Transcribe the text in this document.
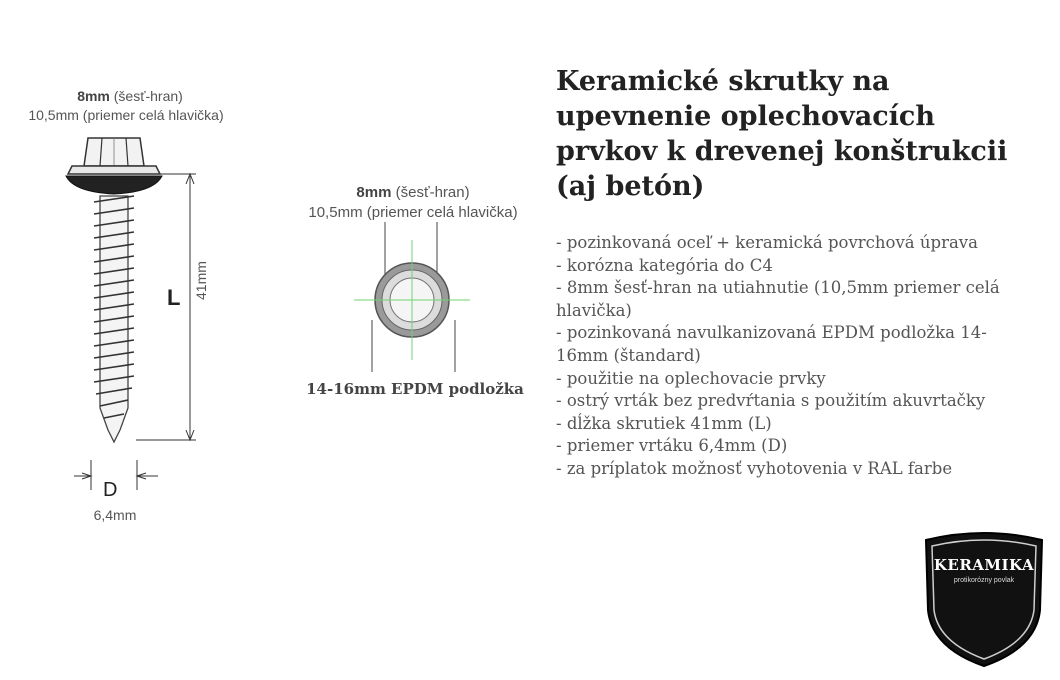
8mm (šesť-hran)
10,5mm (priemer celá hlavička)
L 41mm
D
6,4mm
8mm (šesť-hran)
10,5mm (priemer celá hlavička)
14-16mm EPDM podložka
Keramické skrutky na upevnenie oplechovacích prvkov k drevenej konštrukcii (aj betón)
- pozinkovaná oceľ + keramická povrchová úprava
- korózna kategória do C4
- 8mm šesť-hran na utiahnutie (10,5mm priemer celá hlavička)
- pozinkovaná navulkanizovaná EPDM podložka 14-16mm (štandard)
- použitie na oplechovacie prvky
- ostrý vrták bez predvŕtania s použitím akuvrtačky
- dĺžka skrutiek 41mm (L)
- priemer vrtáku 6,4mm (D)
- za príplatok možnosť vyhotovenia v RAL farbe
KERAMIKA
protikorózny povlak
